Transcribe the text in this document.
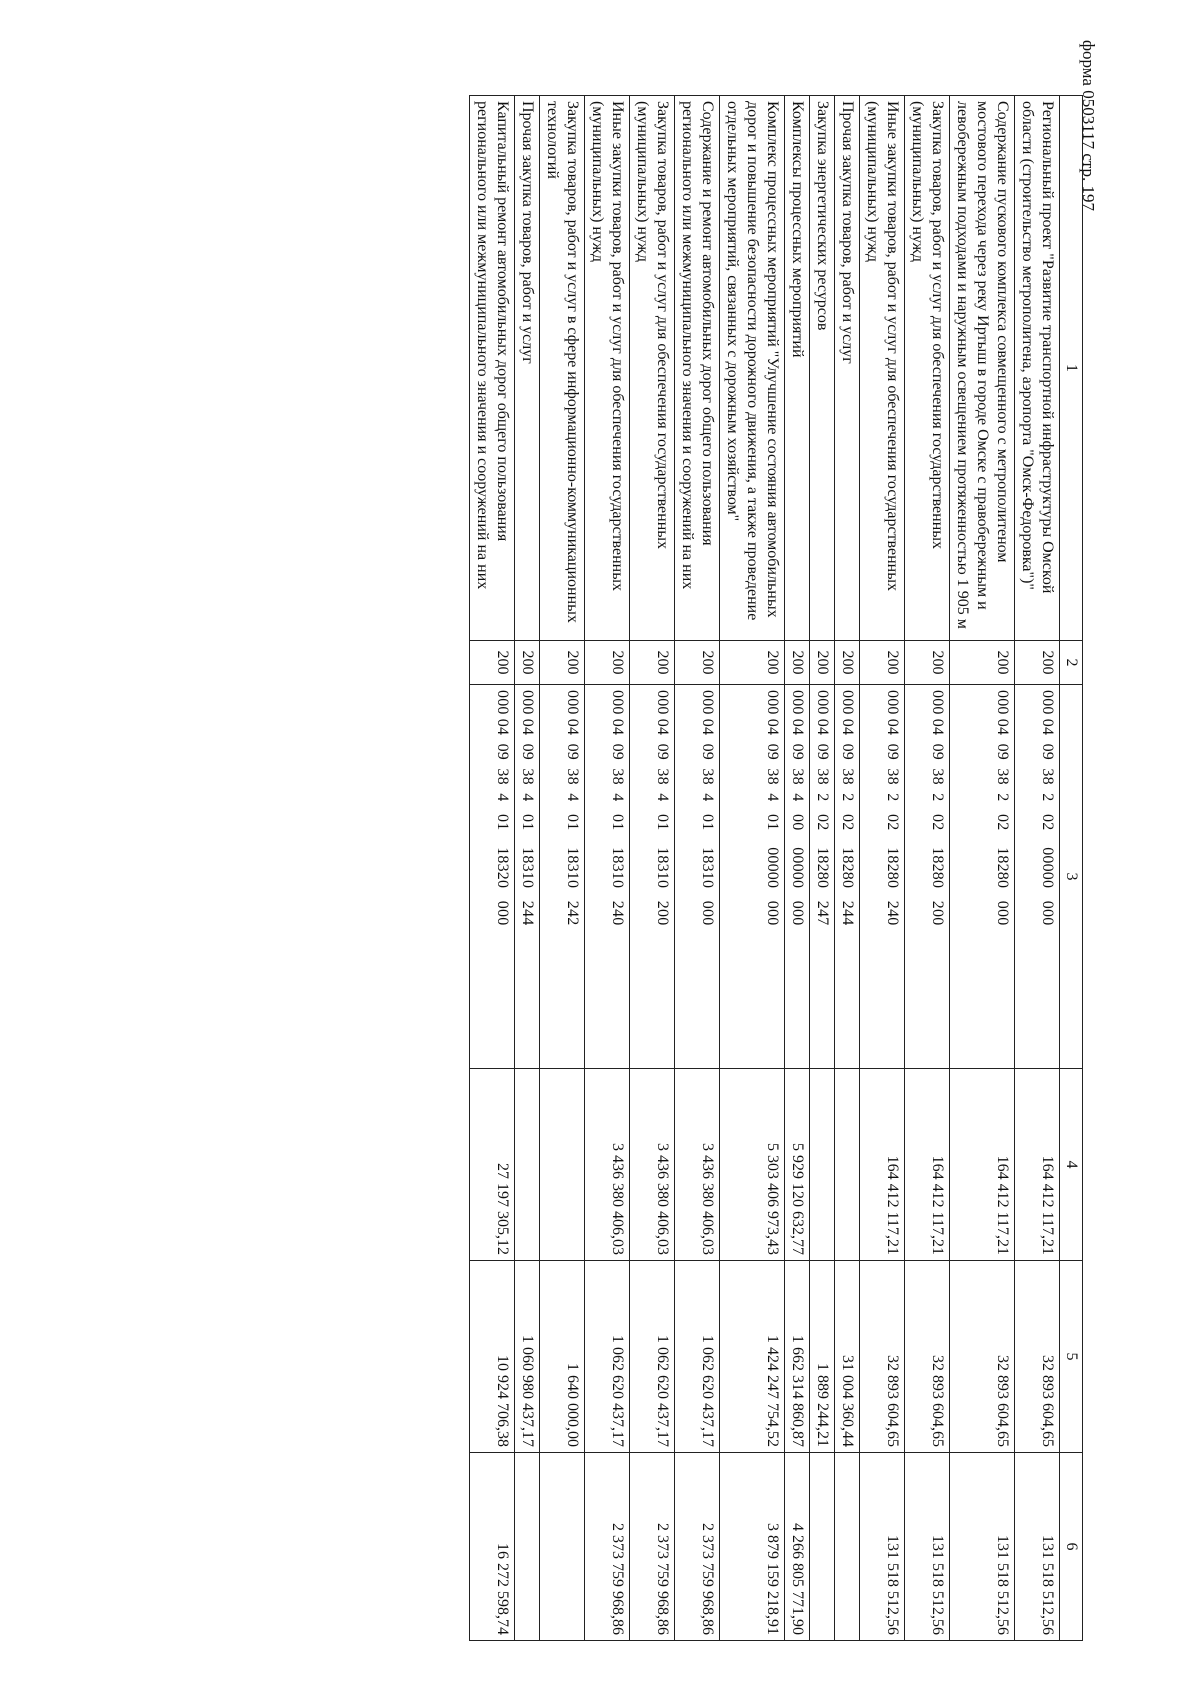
форма 0503117 стр. 197
1	2	3	4	5	6
Региональный проект "Развитие транспортной инфраструктуры Омской области (строительство метрополитена, аэропорта "Омск-Федоровка")"	200	000 04  09  38  2   02    00000   000	164 412 117,21	32 893 604,65	131 518 512,56
Содержание пускового комплекса совмещенного с метрополитеном мостового перехода через реку Иртыш в городе Омске с правобережным и левобережным подходами и наружным освещением протяженностью 1 905 м	200	000 04  09  38  2   02    18280   000	164 412 117,21	32 893 604,65	131 518 512,56
Закупка товаров, работ и услуг для обеспечения государственных (муниципальных) нужд	200	000 04  09  38  2   02    18280   200	164 412 117,21	32 893 604,65	131 518 512,56
Иные закупки товаров, работ и услуг для обеспечения государственных (муниципальных) нужд	200	000 04  09  38  2   02    18280   240	164 412 117,21	32 893 604,65	131 518 512,56
Прочая закупка товаров, работ и услуг	200	000 04  09  38  2   02    18280   244		31 004 360,44	
Закупка энергетических ресурсов	200	000 04  09  38  2   02    18280   247		1 889 244,21	
Комплексы процессных мероприятий	200	000 04  09  38  4   00    00000   000	5 929 120 632,77	1 662 314 860,87	4 266 805 771,90
Комплекс процессных мероприятий "Улучшение состояния автомобильных дорог и повышение безопасности дорожного движения, а также проведение отдельных мероприятий, связанных с дорожным хозяйством"	200	000 04  09  38  4   01    00000   000	5 303 406 973,43	1 424 247 754,52	3 879 159 218,91
Содержание и ремонт автомобильных дорог общего пользования регионального или межмуниципального значения и сооружений на них	200	000 04  09  38  4   01    18310   000	3 436 380 406,03	1 062 620 437,17	2 373 759 968,86
Закупка товаров, работ и услуг для обеспечения государственных (муниципальных) нужд	200	000 04  09  38  4   01    18310   200	3 436 380 406,03	1 062 620 437,17	2 373 759 968,86
Иные закупки товаров, работ и услуг для обеспечения государственных (муниципальных) нужд	200	000 04  09  38  4   01    18310   240	3 436 380 406,03	1 062 620 437,17	2 373 759 968,86
Закупка товаров, работ и услуг в сфере информационно-коммуникационных технологий	200	000 04  09  38  4   01    18310   242		1 640 000,00	
Прочая закупка товаров, работ и услуг	200	000 04  09  38  4   01    18310   244		1 060 980 437,17	
Капитальный ремонт автомобильных дорог общего пользования регионального или межмуниципального значения и сооружений на них	200	000 04  09  38  4   01    18320   000	27 197 305,12	10 924 706,38	16 272 598,74
